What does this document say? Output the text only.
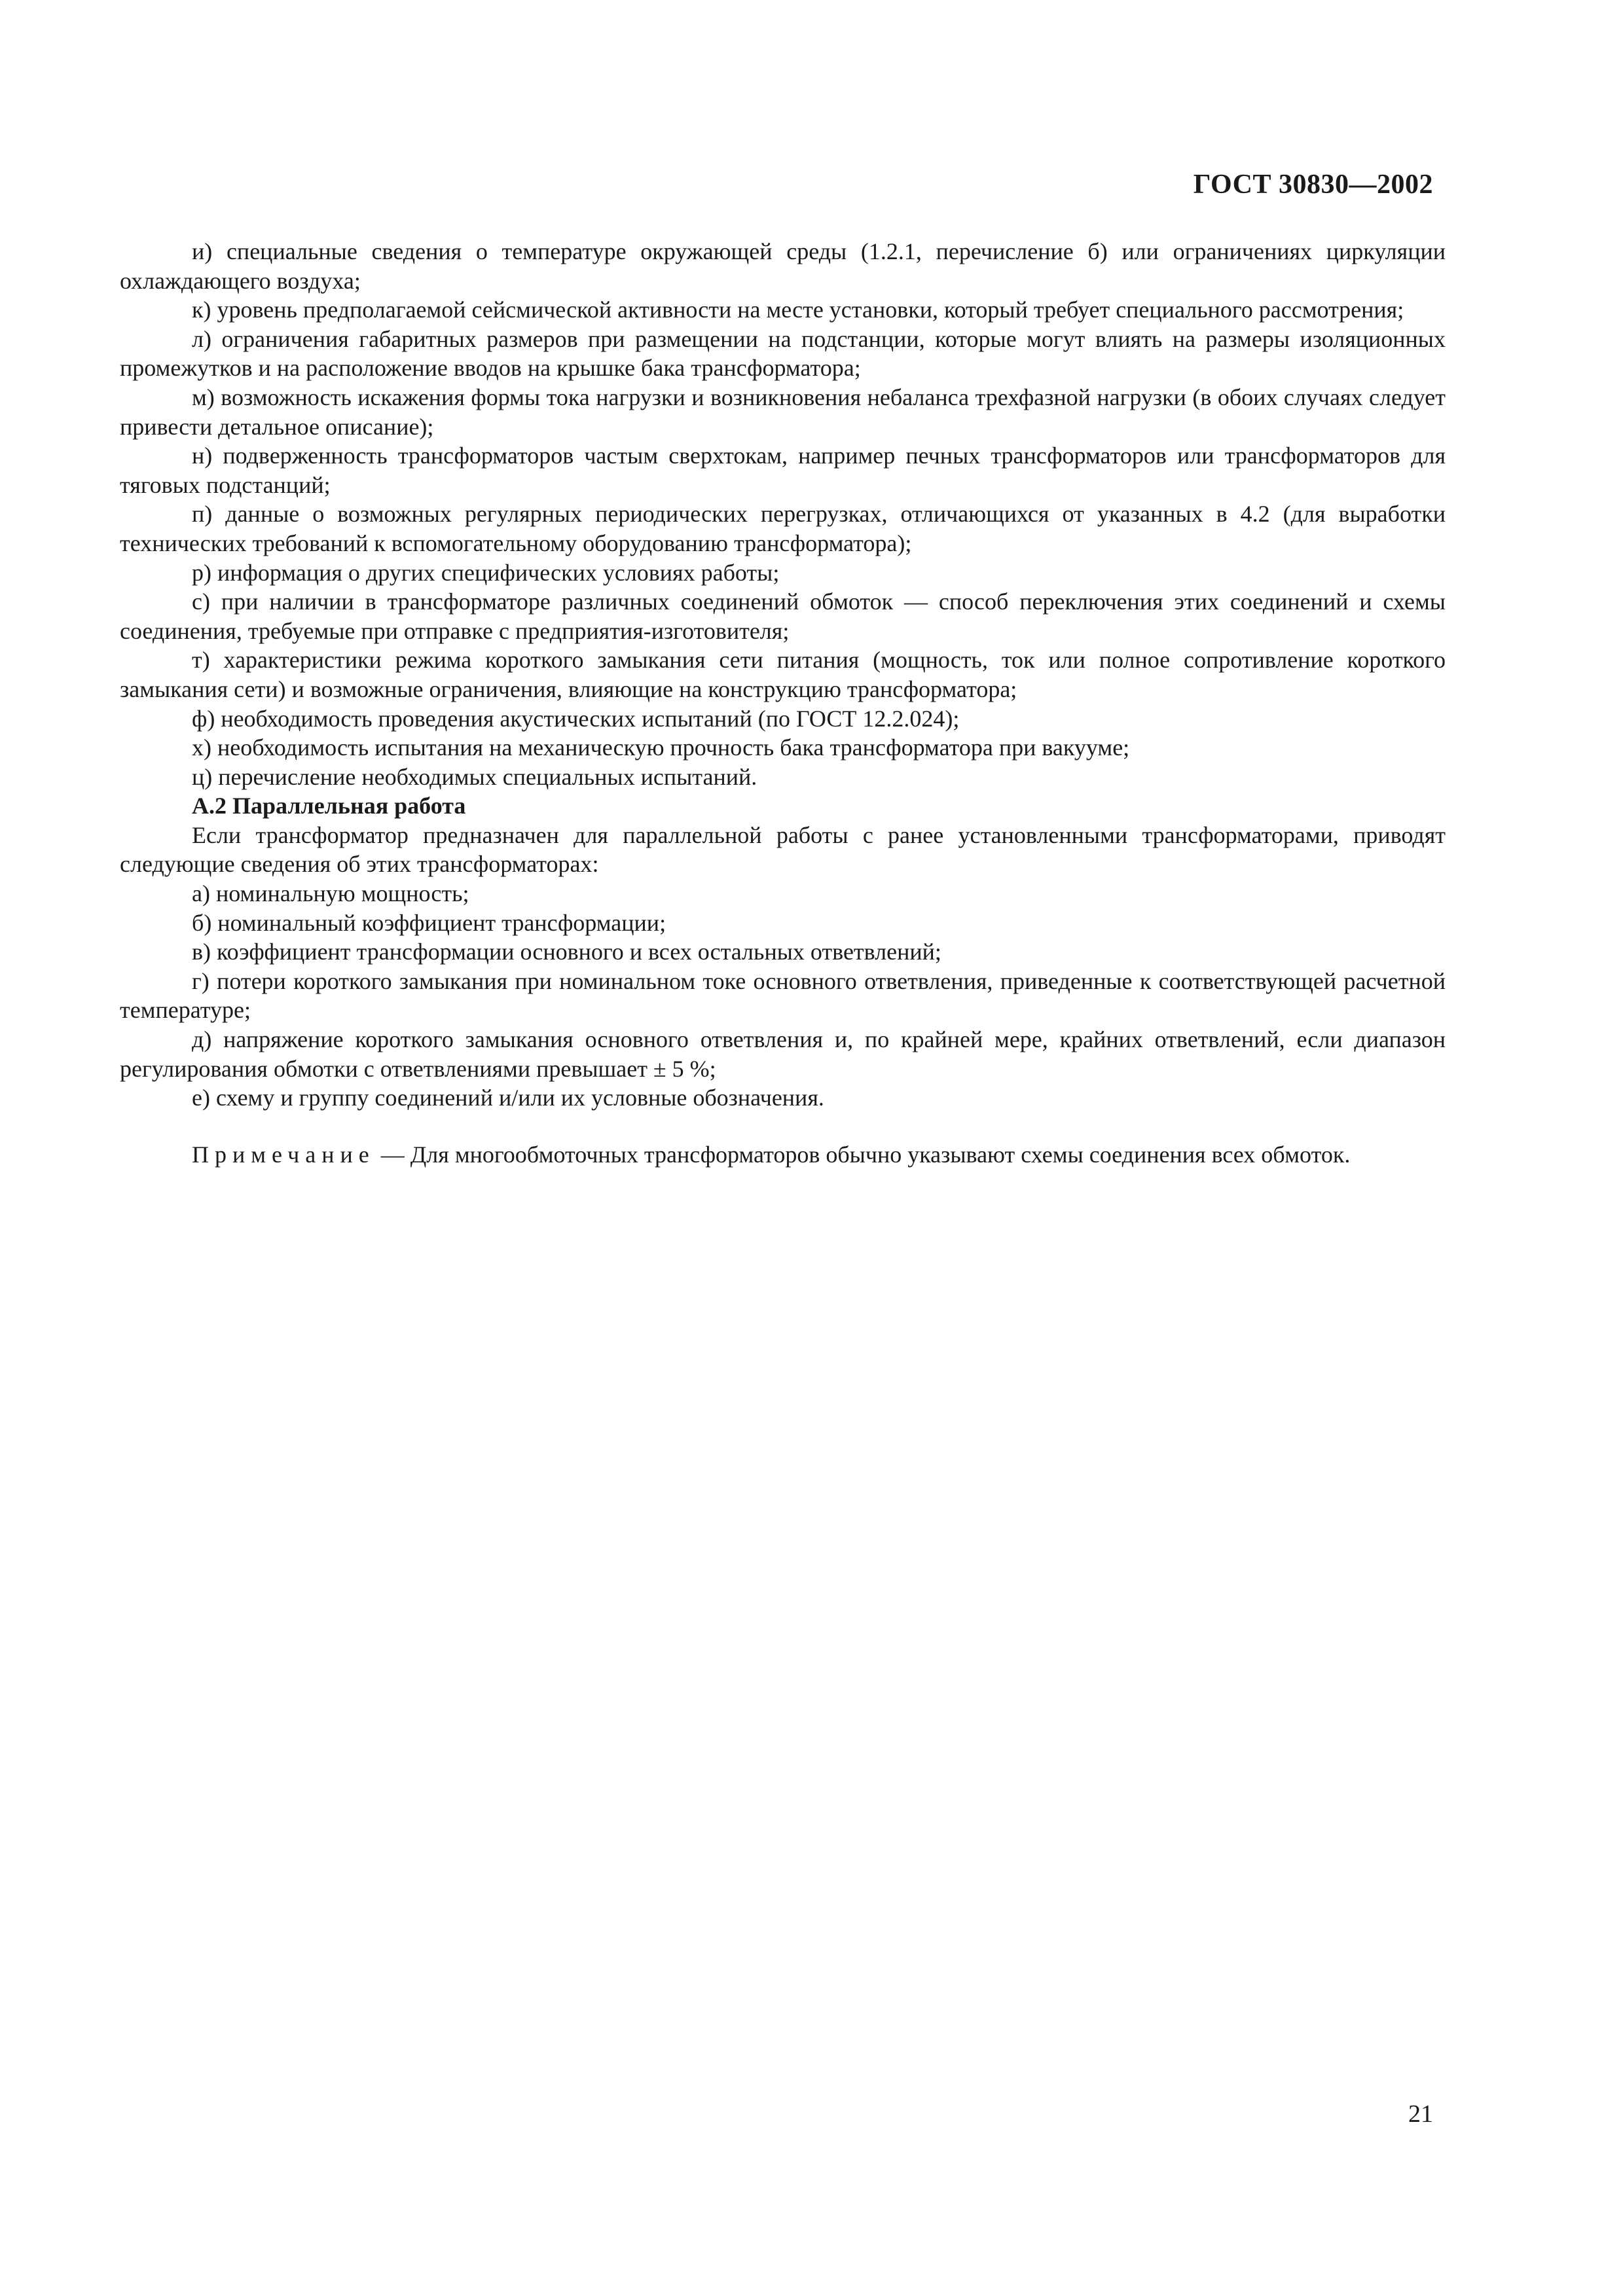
ГОСТ 30830—2002

и) специальные сведения о температуре окружающей среды (1.2.1, перечисление б) или ограничениях циркуляции охлаждающего воздуха;

к) уровень предполагаемой сейсмической активности на месте установки, который требует специального рассмотрения;

л) ограничения габаритных размеров при размещении на подстанции, которые могут влиять на размеры изоляционных промежутков и на расположение вводов на крышке бака трансформатора;

м) возможность искажения формы тока нагрузки и возникновения небаланса трехфазной нагрузки (в обоих случаях следует привести детальное описание);

н) подверженность трансформаторов частым сверхтокам, например печных трансформаторов или трансформаторов для тяговых подстанций;

п) данные о возможных регулярных периодических перегрузках, отличающихся от указанных в 4.2 (для выработки технических требований к вспомогательному оборудованию трансформатора);

р) информация о других специфических условиях работы;

с) при наличии в трансформаторе различных соединений обмоток — способ переключения этих соединений и схемы соединения, требуемые при отправке с предприятия-изготовителя;

т) характеристики режима короткого замыкания сети питания (мощность, ток или полное сопротивление короткого замыкания сети) и возможные ограничения, влияющие на конструкцию трансформатора;

ф) необходимость проведения акустических испытаний (по ГОСТ 12.2.024);

х) необходимость испытания на механическую прочность бака трансформатора при вакууме;

ц) перечисление необходимых специальных испытаний.

А.2 Параллельная работа

Если трансформатор предназначен для параллельной работы с ранее установленными трансформаторами, приводят следующие сведения об этих трансформаторах:

а) номинальную мощность;

б) номинальный коэффициент трансформации;

в) коэффициент трансформации основного и всех остальных ответвлений;

г) потери короткого замыкания при номинальном токе основного ответвления, приведенные к соответствующей расчетной температуре;

д) напряжение короткого замыкания основного ответвления и, по крайней мере, крайних ответвлений, если диапазон регулирования обмотки с ответвлениями превышает ± 5 %;

е) схему и группу соединений и/или их условные обозначения.

Примечание — Для многообмоточных трансформаторов обычно указывают схемы соединения всех обмоток.

21
